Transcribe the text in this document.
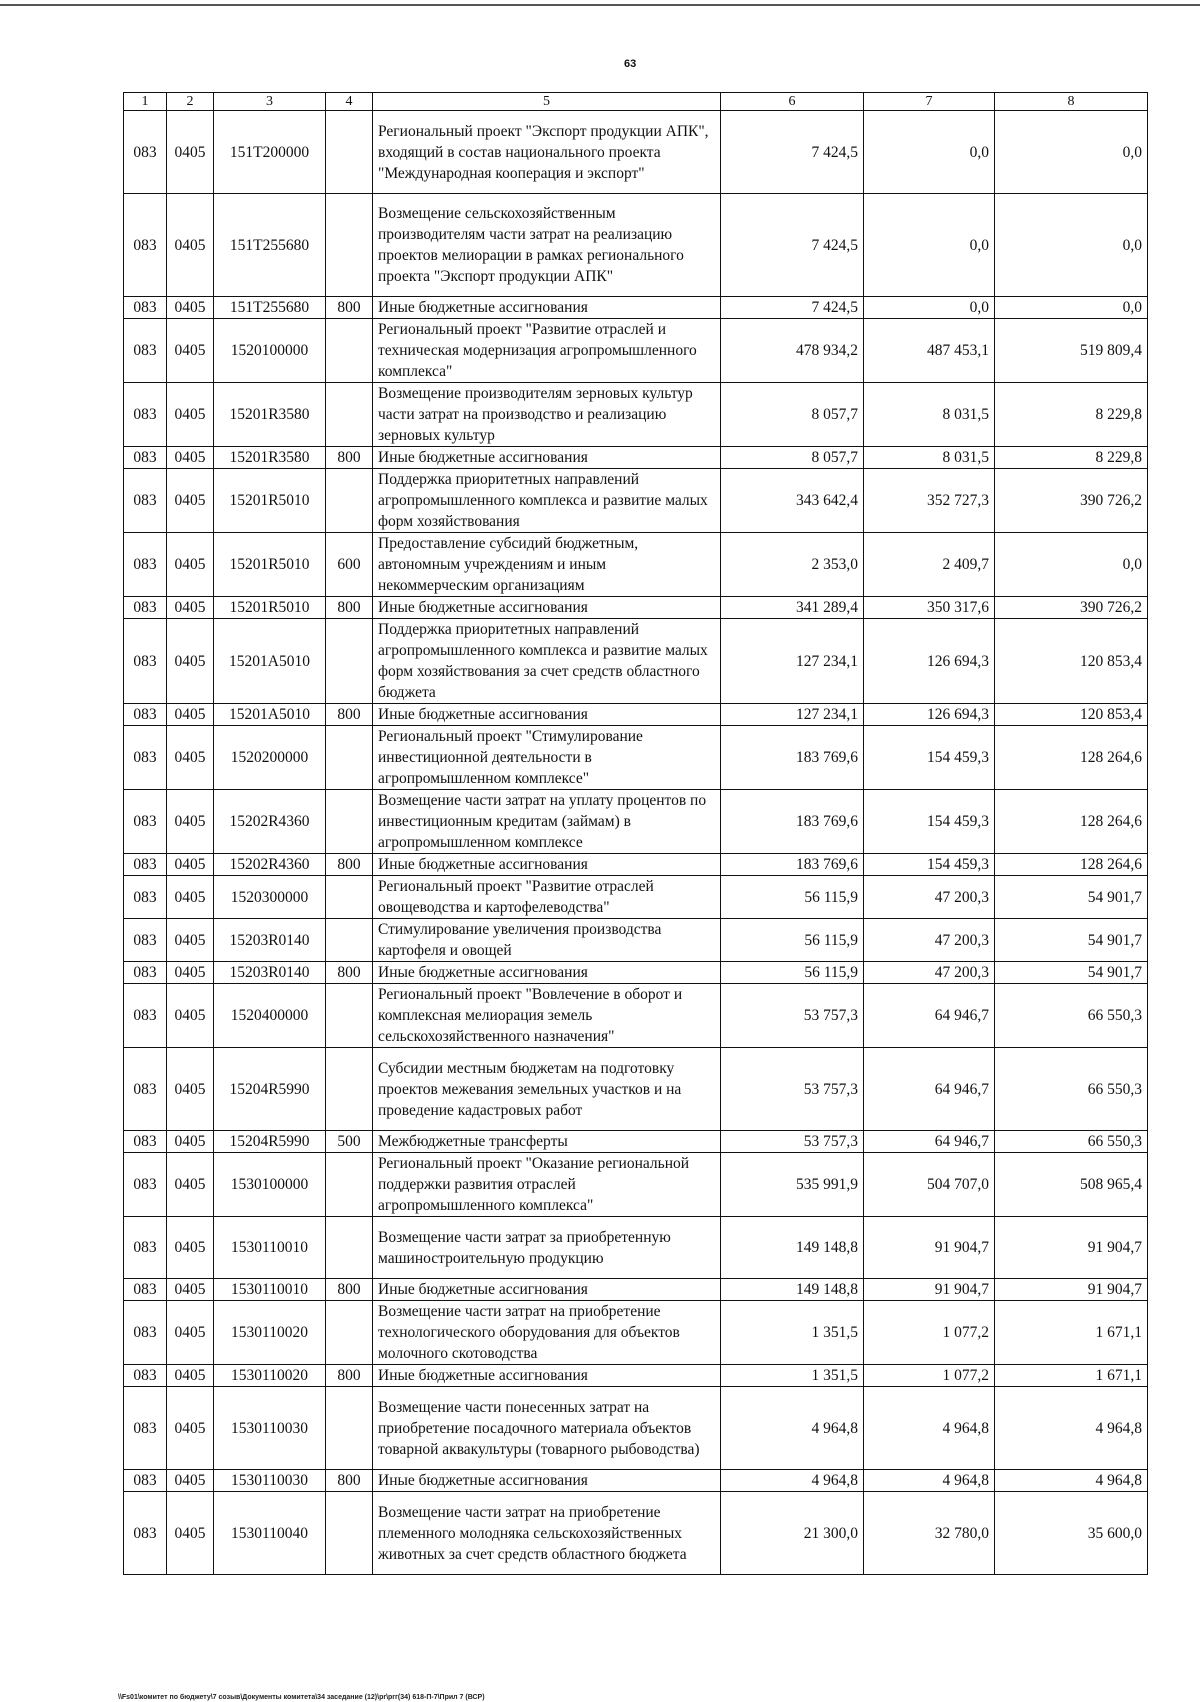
63
1	2	3	4	5	6	7	8
083	0405	151T200000		Региональный проект "Экспорт продукции АПК", входящий в состав национального проекта "Международная кооперация и экспорт"	7 424,5	0,0	0,0
083	0405	151T255680		Возмещение сельскохозяйственным производителям части затрат на реализацию проектов мелиорации в рамках регионального проекта "Экспорт продукции АПК"	7 424,5	0,0	0,0
083	0405	151T255680	800	Иные бюджетные ассигнования	7 424,5	0,0	0,0
083	0405	1520100000		Региональный проект "Развитие отраслей и техническая модернизация агропромышленного комплекса"	478 934,2	487 453,1	519 809,4
083	0405	15201R3580		Возмещение производителям зерновых культур части затрат на производство и реализацию зерновых культур	8 057,7	8 031,5	8 229,8
083	0405	15201R3580	800	Иные бюджетные ассигнования	8 057,7	8 031,5	8 229,8
083	0405	15201R5010		Поддержка приоритетных направлений агропромышленного комплекса и развитие малых форм хозяйствования	343 642,4	352 727,3	390 726,2
083	0405	15201R5010	600	Предоставление субсидий бюджетным, автономным учреждениям и иным некоммерческим организациям	2 353,0	2 409,7	0,0
083	0405	15201R5010	800	Иные бюджетные ассигнования	341 289,4	350 317,6	390 726,2
083	0405	15201A5010		Поддержка приоритетных направлений агропромышленного комплекса и развитие малых форм хозяйствования за счет средств областного бюджета	127 234,1	126 694,3	120 853,4
083	0405	15201A5010	800	Иные бюджетные ассигнования	127 234,1	126 694,3	120 853,4
083	0405	1520200000		Региональный проект "Стимулирование инвестиционной деятельности в агропромышленном комплексе"	183 769,6	154 459,3	128 264,6
083	0405	15202R4360		Возмещение части затрат на уплату процентов по инвестиционным кредитам (займам) в агропромышленном комплексе	183 769,6	154 459,3	128 264,6
083	0405	15202R4360	800	Иные бюджетные ассигнования	183 769,6	154 459,3	128 264,6
083	0405	1520300000		Региональный проект "Развитие отраслей овощеводства и картофелеводства"	56 115,9	47 200,3	54 901,7
083	0405	15203R0140		Стимулирование увеличения производства картофеля и овощей	56 115,9	47 200,3	54 901,7
083	0405	15203R0140	800	Иные бюджетные ассигнования	56 115,9	47 200,3	54 901,7
083	0405	1520400000		Региональный проект "Вовлечение в оборот и комплексная мелиорация земель сельскохозяйственного назначения"	53 757,3	64 946,7	66 550,3
083	0405	15204R5990		Субсидии местным бюджетам на подготовку проектов межевания земельных участков и на проведение кадастровых работ	53 757,3	64 946,7	66 550,3
083	0405	15204R5990	500	Межбюджетные трансферты	53 757,3	64 946,7	66 550,3
083	0405	1530100000		Региональный проект "Оказание региональной поддержки развития отраслей агропромышленного комплекса"	535 991,9	504 707,0	508 965,4
083	0405	1530110010		Возмещение части затрат за приобретенную машиностроительную продукцию	149 148,8	91 904,7	91 904,7
083	0405	1530110010	800	Иные бюджетные ассигнования	149 148,8	91 904,7	91 904,7
083	0405	1530110020		Возмещение части затрат на приобретение технологического оборудования для объектов молочного скотоводства	1 351,5	1 077,2	1 671,1
083	0405	1530110020	800	Иные бюджетные ассигнования	1 351,5	1 077,2	1 671,1
083	0405	1530110030		Возмещение части понесенных затрат на приобретение посадочного материала объектов товарной аквакультуры (товарного рыбоводства)	4 964,8	4 964,8	4 964,8
083	0405	1530110030	800	Иные бюджетные ассигнования	4 964,8	4 964,8	4 964,8
083	0405	1530110040		Возмещение части затрат на приобретение племенного молодняка сельскохозяйственных животных за счет средств областного бюджета	21 300,0	32 780,0	35 600,0
\\Fs01\комитет по бюджету\7 созыв\Документы комитета\34 заседание (12)\pr\prг(34) 618-П-7\Прил 7 (ВСР)
